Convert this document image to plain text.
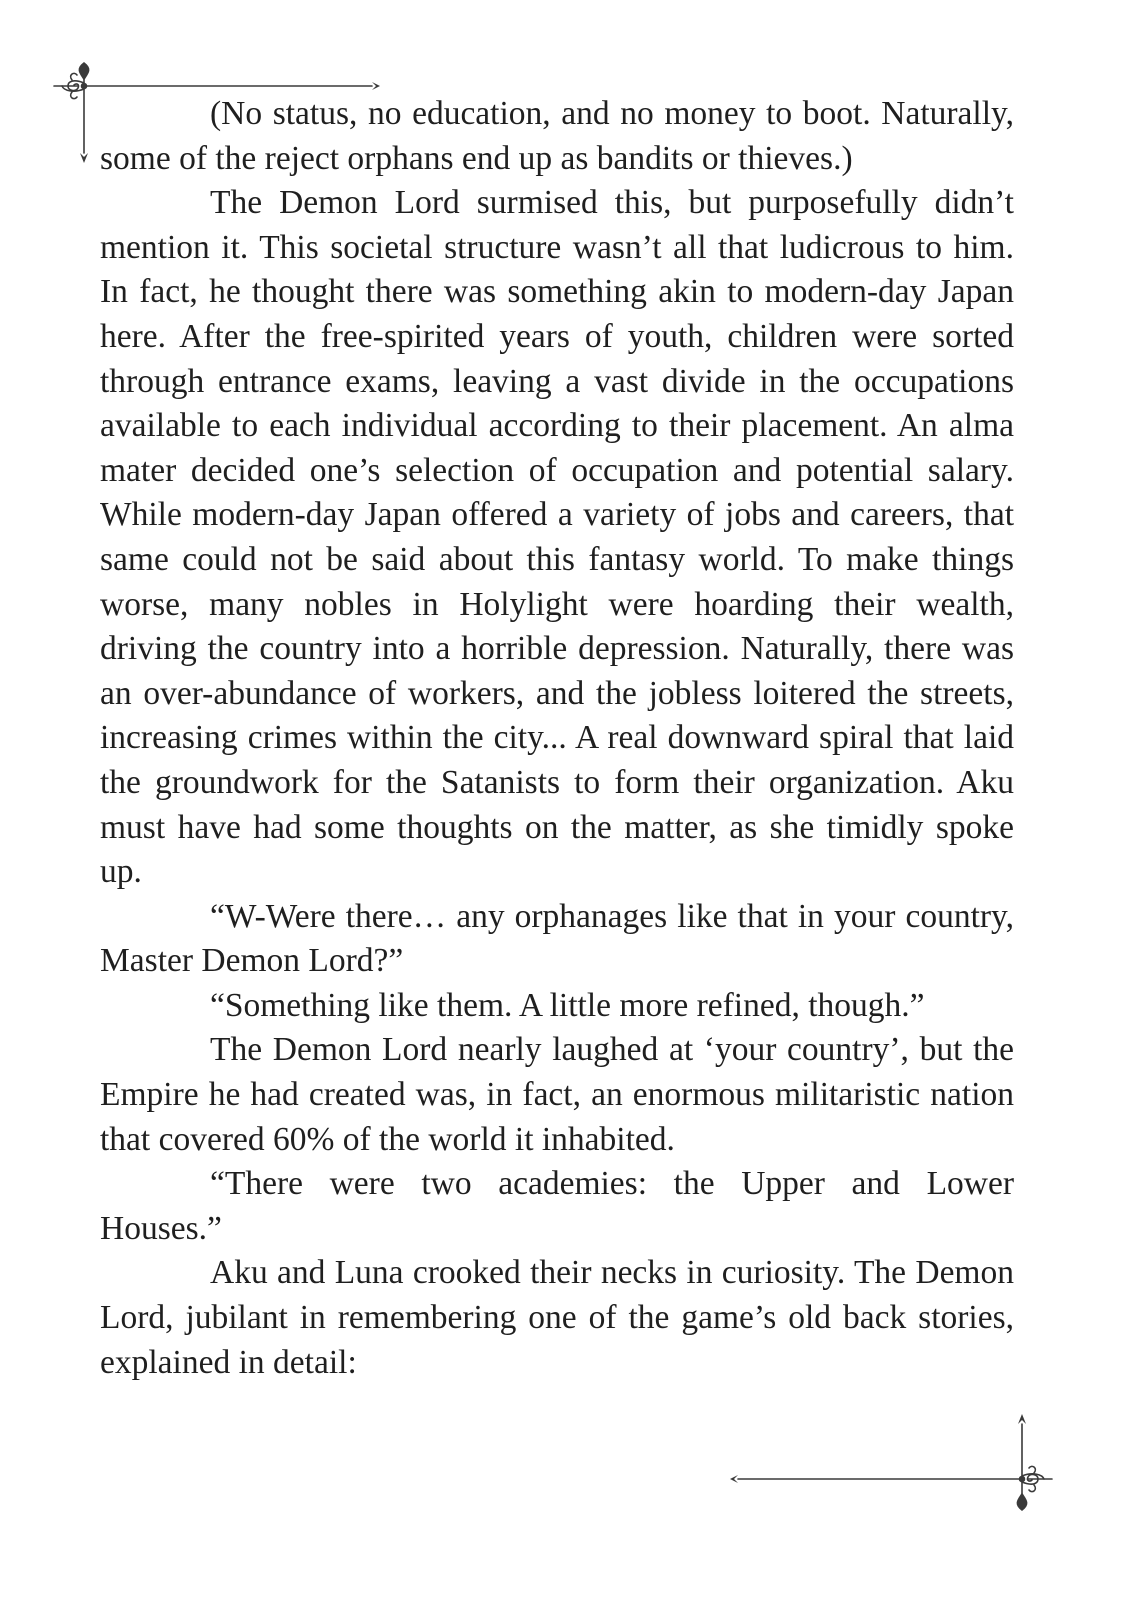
(No status, no education, and no money to boot. Naturally, some of the reject orphans end up as bandits or thieves.)

The Demon Lord surmised this, but purposefully didn’t mention it. This societal structure wasn’t all that ludicrous to him. In fact, he thought there was something akin to modern-day Japan here. After the free-spirited years of youth, children were sorted through entrance exams, leaving a vast divide in the occupations available to each individual according to their placement. An alma mater decided one’s selection of occupation and potential salary. While modern-day Japan offered a variety of jobs and careers, that same could not be said about this fantasy world. To make things worse, many nobles in Holylight were hoarding their wealth, driving the country into a horrible depression. Naturally, there was an over-abundance of workers, and the jobless loitered the streets, increasing crimes within the city... A real downward spiral that laid the groundwork for the Satanists to form their organization. Aku must have had some thoughts on the matter, as she timidly spoke up.

“W-Were there… any orphanages like that in your country, Master Demon Lord?”

“Something like them. A little more refined, though.”

The Demon Lord nearly laughed at ‘your country’, but the Empire he had created was, in fact, an enormous militaristic nation that covered 60% of the world it inhabited.

“There were two academies: the Upper and Lower Houses.”

Aku and Luna crooked their necks in curiosity. The Demon Lord, jubilant in remembering one of the game’s old back stories, explained in detail:
